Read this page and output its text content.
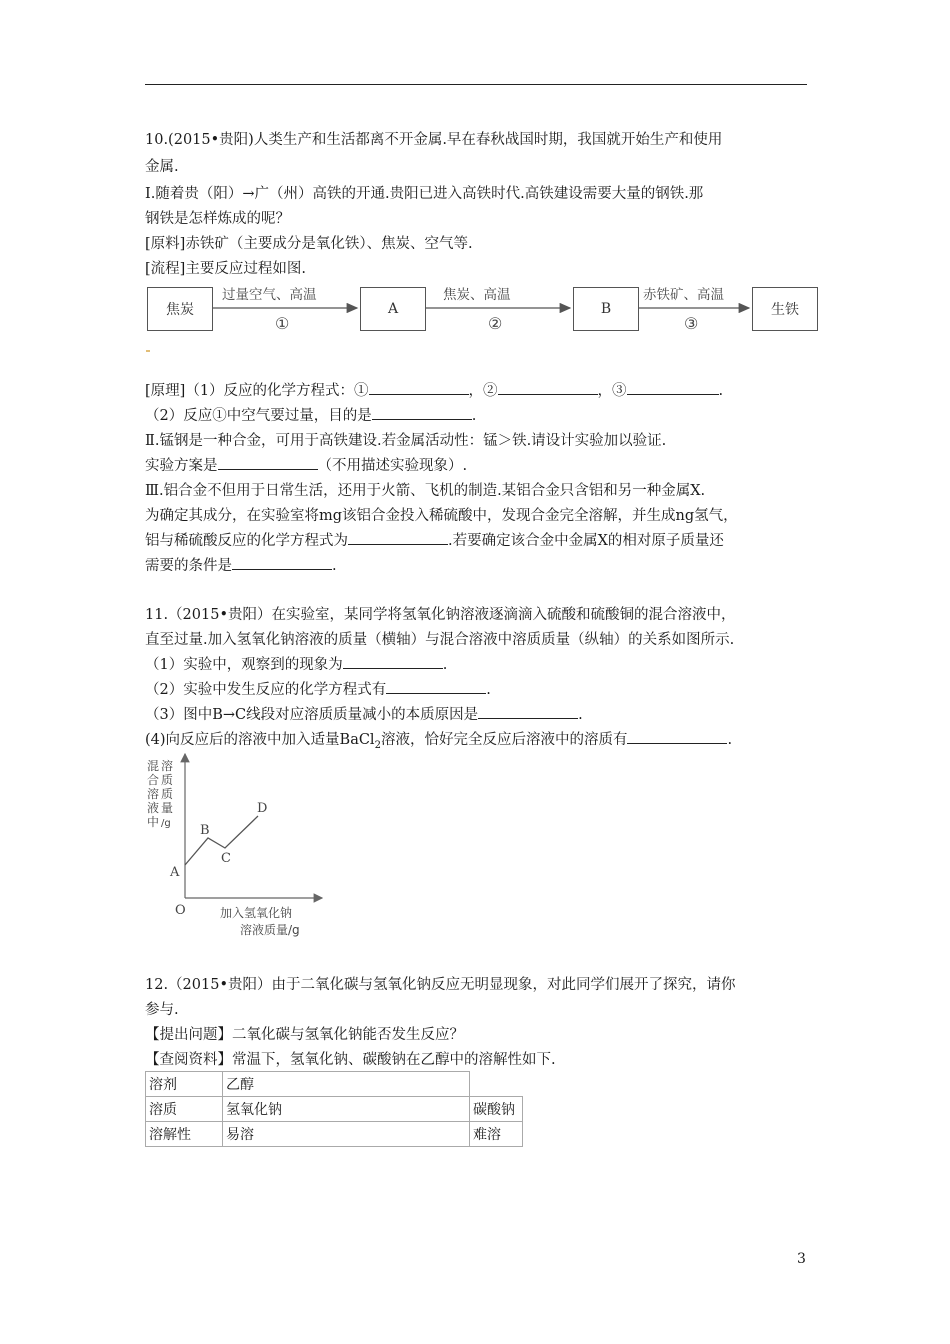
10.(2015•贵阳)人类生产和生活都离不开金属.早在春秋战国时期，我国就开始生产和使用
金属.
Ⅰ.随着贵（阳）→广（州）高铁的开通.贵阳已进入高铁时代.高铁建设需要大量的钢铁.那
钢铁是怎样炼成的呢？
[原料]赤铁矿（主要成分是氧化铁）、焦炭、空气等.
[流程]主要反应过程如图.
焦炭	A	B	生铁
过量空气、高温
①
焦炭、高温
②
赤铁矿、高温
③
[原理]（1）反应的化学方程式：①	，②	，③	.
（2）反应①中空气要过量，目的是	.
Ⅱ.锰钢是一种合金，可用于高铁建设.若金属活动性：锰＞铁.请设计实验加以验证.
实验方案是	（不用描述实验现象）.
Ⅲ.铝合金不但用于日常生活，还用于火箭、飞机的制造.某铝合金只含铝和另一种金属X.
为确定其成分，在实验室将mg该铝合金投入稀硫酸中，发现合金完全溶解，并生成ng氢气，
铝与稀硫酸反应的化学方程式为	.若要确定该合金中金属X的相对原子质量还
需要的条件是	.
11.（2015•贵阳）在实验室，某同学将氢氧化钠溶液逐滴滴入硫酸和硫酸铜的混合溶液中，
直至过量.加入氢氧化钠溶液的质量（横轴）与混合溶液中溶质质量（纵轴）的关系如图所示.
（1）实验中，观察到的现象为	.
（2）实验中发生反应的化学方程式有	.
（3）图中B→C线段对应溶质质量减小的本质原因是	.
(4)向反应后的溶液中加入适量BaCl$_2$溶液，恰好完全反应后溶液中的溶质有	.
混
合
溶
液
中
溶
质
质
量
/g
O
A
B
C
D
加入氢氧化钠
溶液质量/g
12.（2015•贵阳）由于二氧化碳与氢氧化钠反应无明显现象，对此同学们展开了探究，请你
参与.
【提出问题】二氧化碳与氢氧化钠能否发生反应？
【查阅资料】常温下，氢氧化钠、碳酸钠在乙醇中的溶解性如下.
溶剂	乙醇	
溶质	氢氧化钠	碳酸钠
溶解性	易溶	难溶
3
